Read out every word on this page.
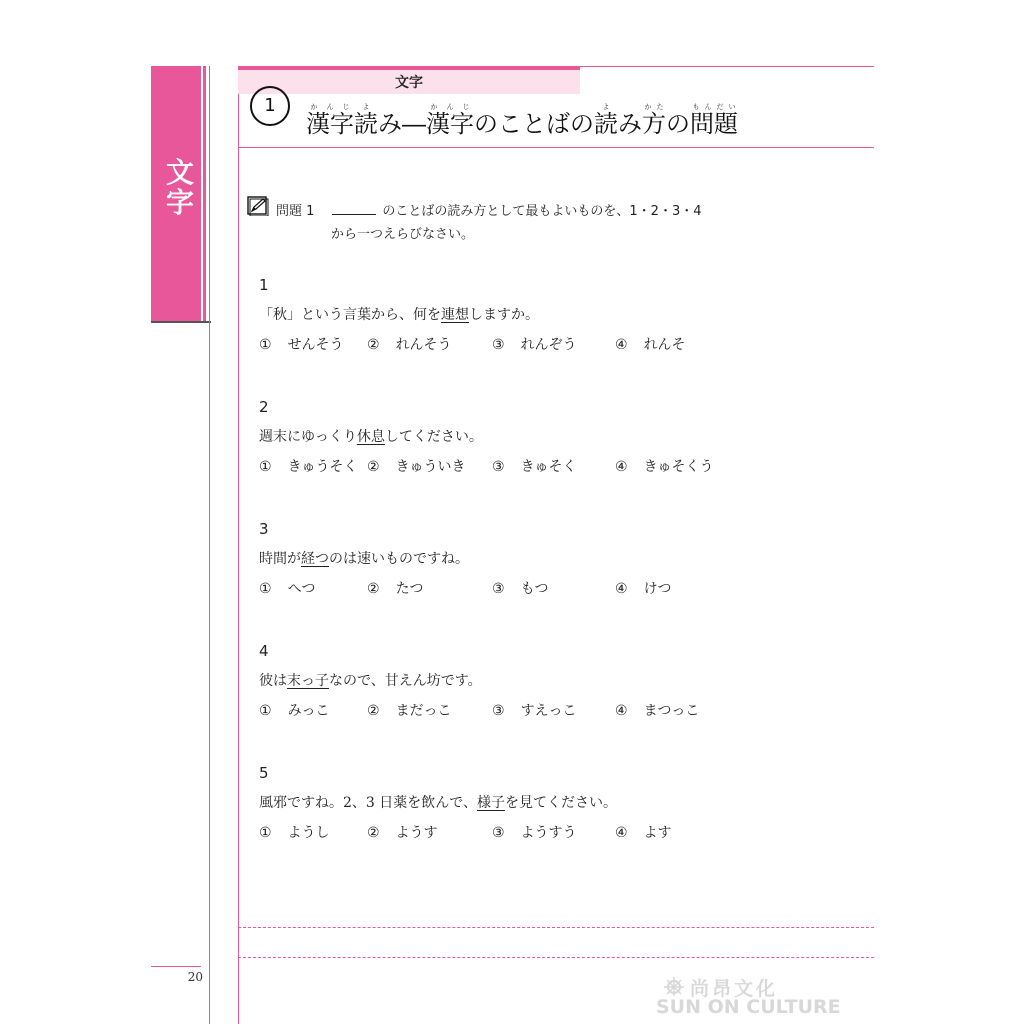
文
字
文字
1
漢字かんじ読よみ―漢字かんじのことばの読よみ方かたの問題もんだい
問題 1	のことばの読み方として最もよいものを、1・2・3・4
から一つえらびなさい。
1
「秋」という言葉から、何を連想しますか。
① せんそう ② れんそう	③ れんぞう	④ れんそ
2
週末にゆっくり休息してください。
① きゅうそく ② きゅういき ③ きゅそく	④ きゅそくう
3
時間が経つのは速いものですね。
① へつ	② たつ	③ もつ	④ けつ
4
彼は末っ子なので、甘えん坊です。
① みっこ	② まだっこ	③ すえっこ	④ まつっこ
5
風邪ですね。2、3 日薬を飲んで、様子を見てください。
① ようし	② ようす	③ ようすう	④ よす
20
尚昂文化
SUN ON CULTURE
